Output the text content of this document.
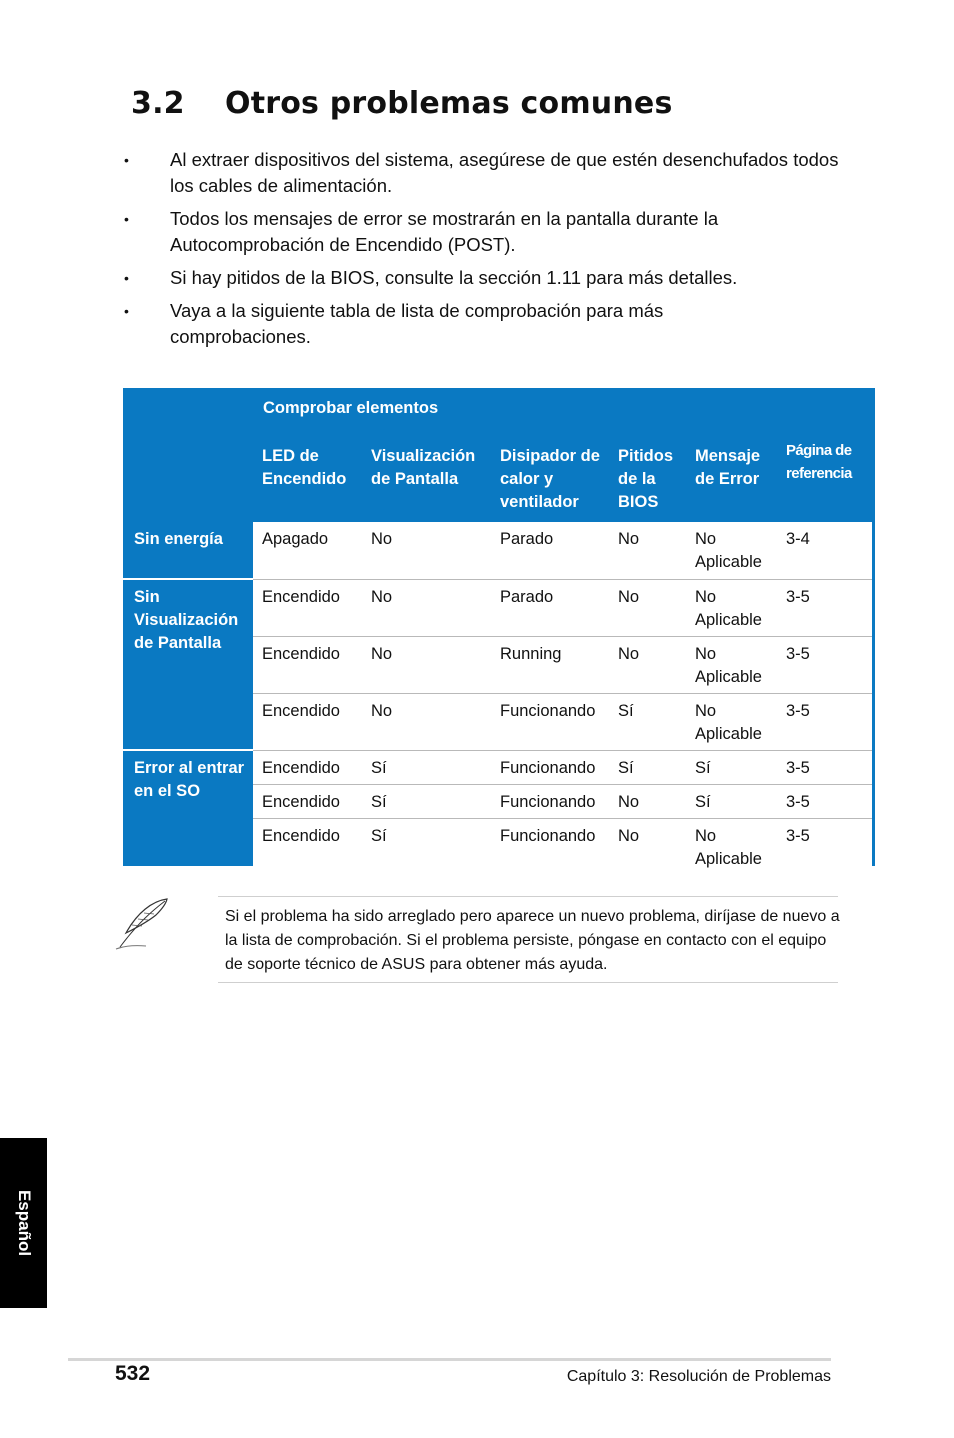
3.2 Otros problemas comunes
• Al extraer dispositivos del sistema, asegúrese de que estén desenchufados todos los cables de alimentación.
• Todos los mensajes de error se mostrarán en la pantalla durante la Autocomprobación de Encendido (POST).
• Si hay pitidos de la BIOS, consulte la sección 1.11 para más detalles.
• Vaya a la siguiente tabla de lista de comprobación para más comprobaciones.
	Comprobar elementos					
	LED de Encendido	Visualización de Pantalla	Disipador de calor y ventilador	Pitidos de la BIOS	Mensaje de Error	Página de referencia
Sin energía	Apagado	No	Parado	No	No Aplicable	3-4
Sin Visualización de Pantalla	Encendido	No	Parado	No	No Aplicable	3-5
	Encendido	No	Running	No	No Aplicable	3-5
	Encendido	No	Funcionando	Sí	No Aplicable	3-5
Error al entrar en el SO	Encendido	Sí	Funcionando	Sí	Sí	3-5
	Encendido	Sí	Funcionando	No	Sí	3-5
	Encendido	Sí	Funcionando	No	No Aplicable	3-5
Si el problema ha sido arreglado pero aparece un nuevo problema, diríjase de nuevo a la lista de comprobación. Si el problema persiste, póngase en contacto con el equipo de soporte técnico de ASUS para obtener más ayuda.
Español
532	Capítulo 3: Resolución de Problemas
